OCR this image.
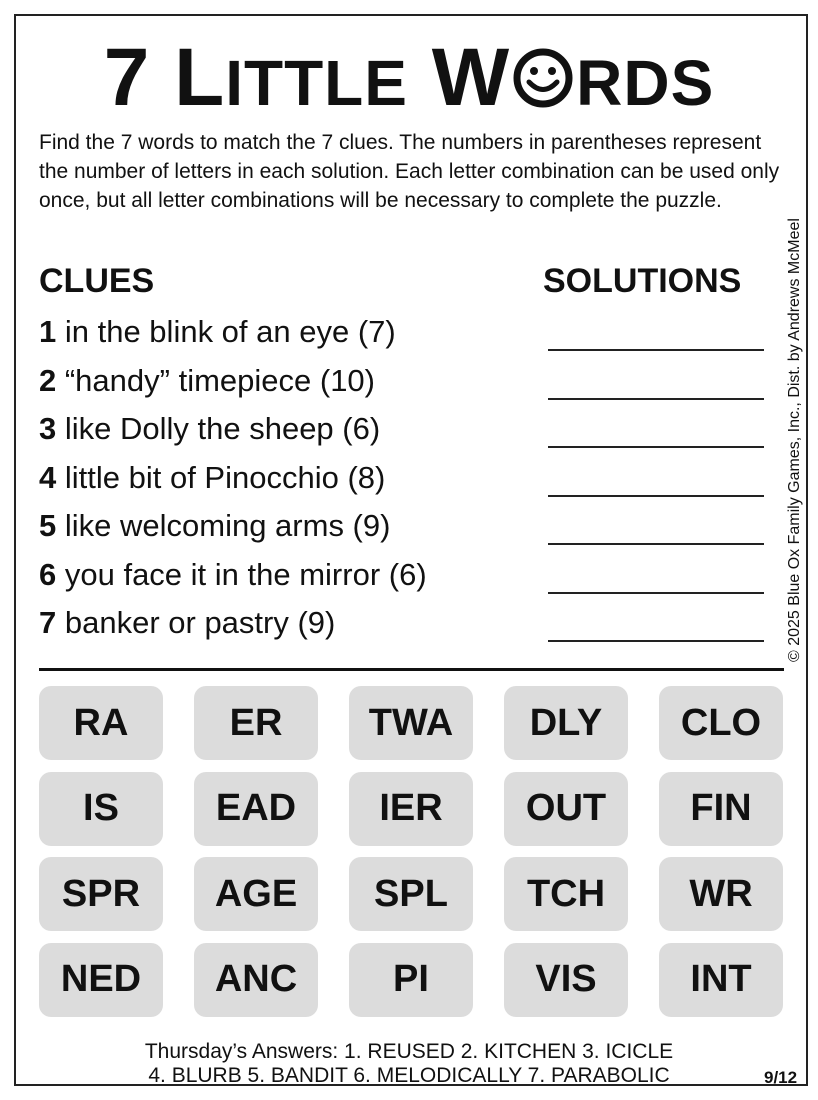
7 LITTLE W RDS
Find the 7 words to match the 7 clues. The numbers in parentheses represent the number of letters in each solution. Each letter combination can be used only once, but all letter combinations will be necessary to complete the puzzle.
© 2025 Blue Ox Family Games, Inc., Dist. by Andrews McMeel
CLUES	SOLUTIONS
1 in the blink of an eye (7)
2 “handy” timepiece (10)
3 like Dolly the sheep (6)
4 little bit of Pinocchio (8)
5 like welcoming arms (9)
6 you face it in the mirror (6)
7 banker or pastry (9)
RA	ER	TWA	DLY	CLO
IS	EAD	IER	OUT	FIN
SPR	AGE	SPL	TCH	WR
NED	ANC	PI	VIS	INT
Thursday’s Answers: 1. REUSED 2. KITCHEN 3. ICICLE
4. BLURB 5. BANDIT 6. MELODICALLY 7. PARABOLIC	9/12
